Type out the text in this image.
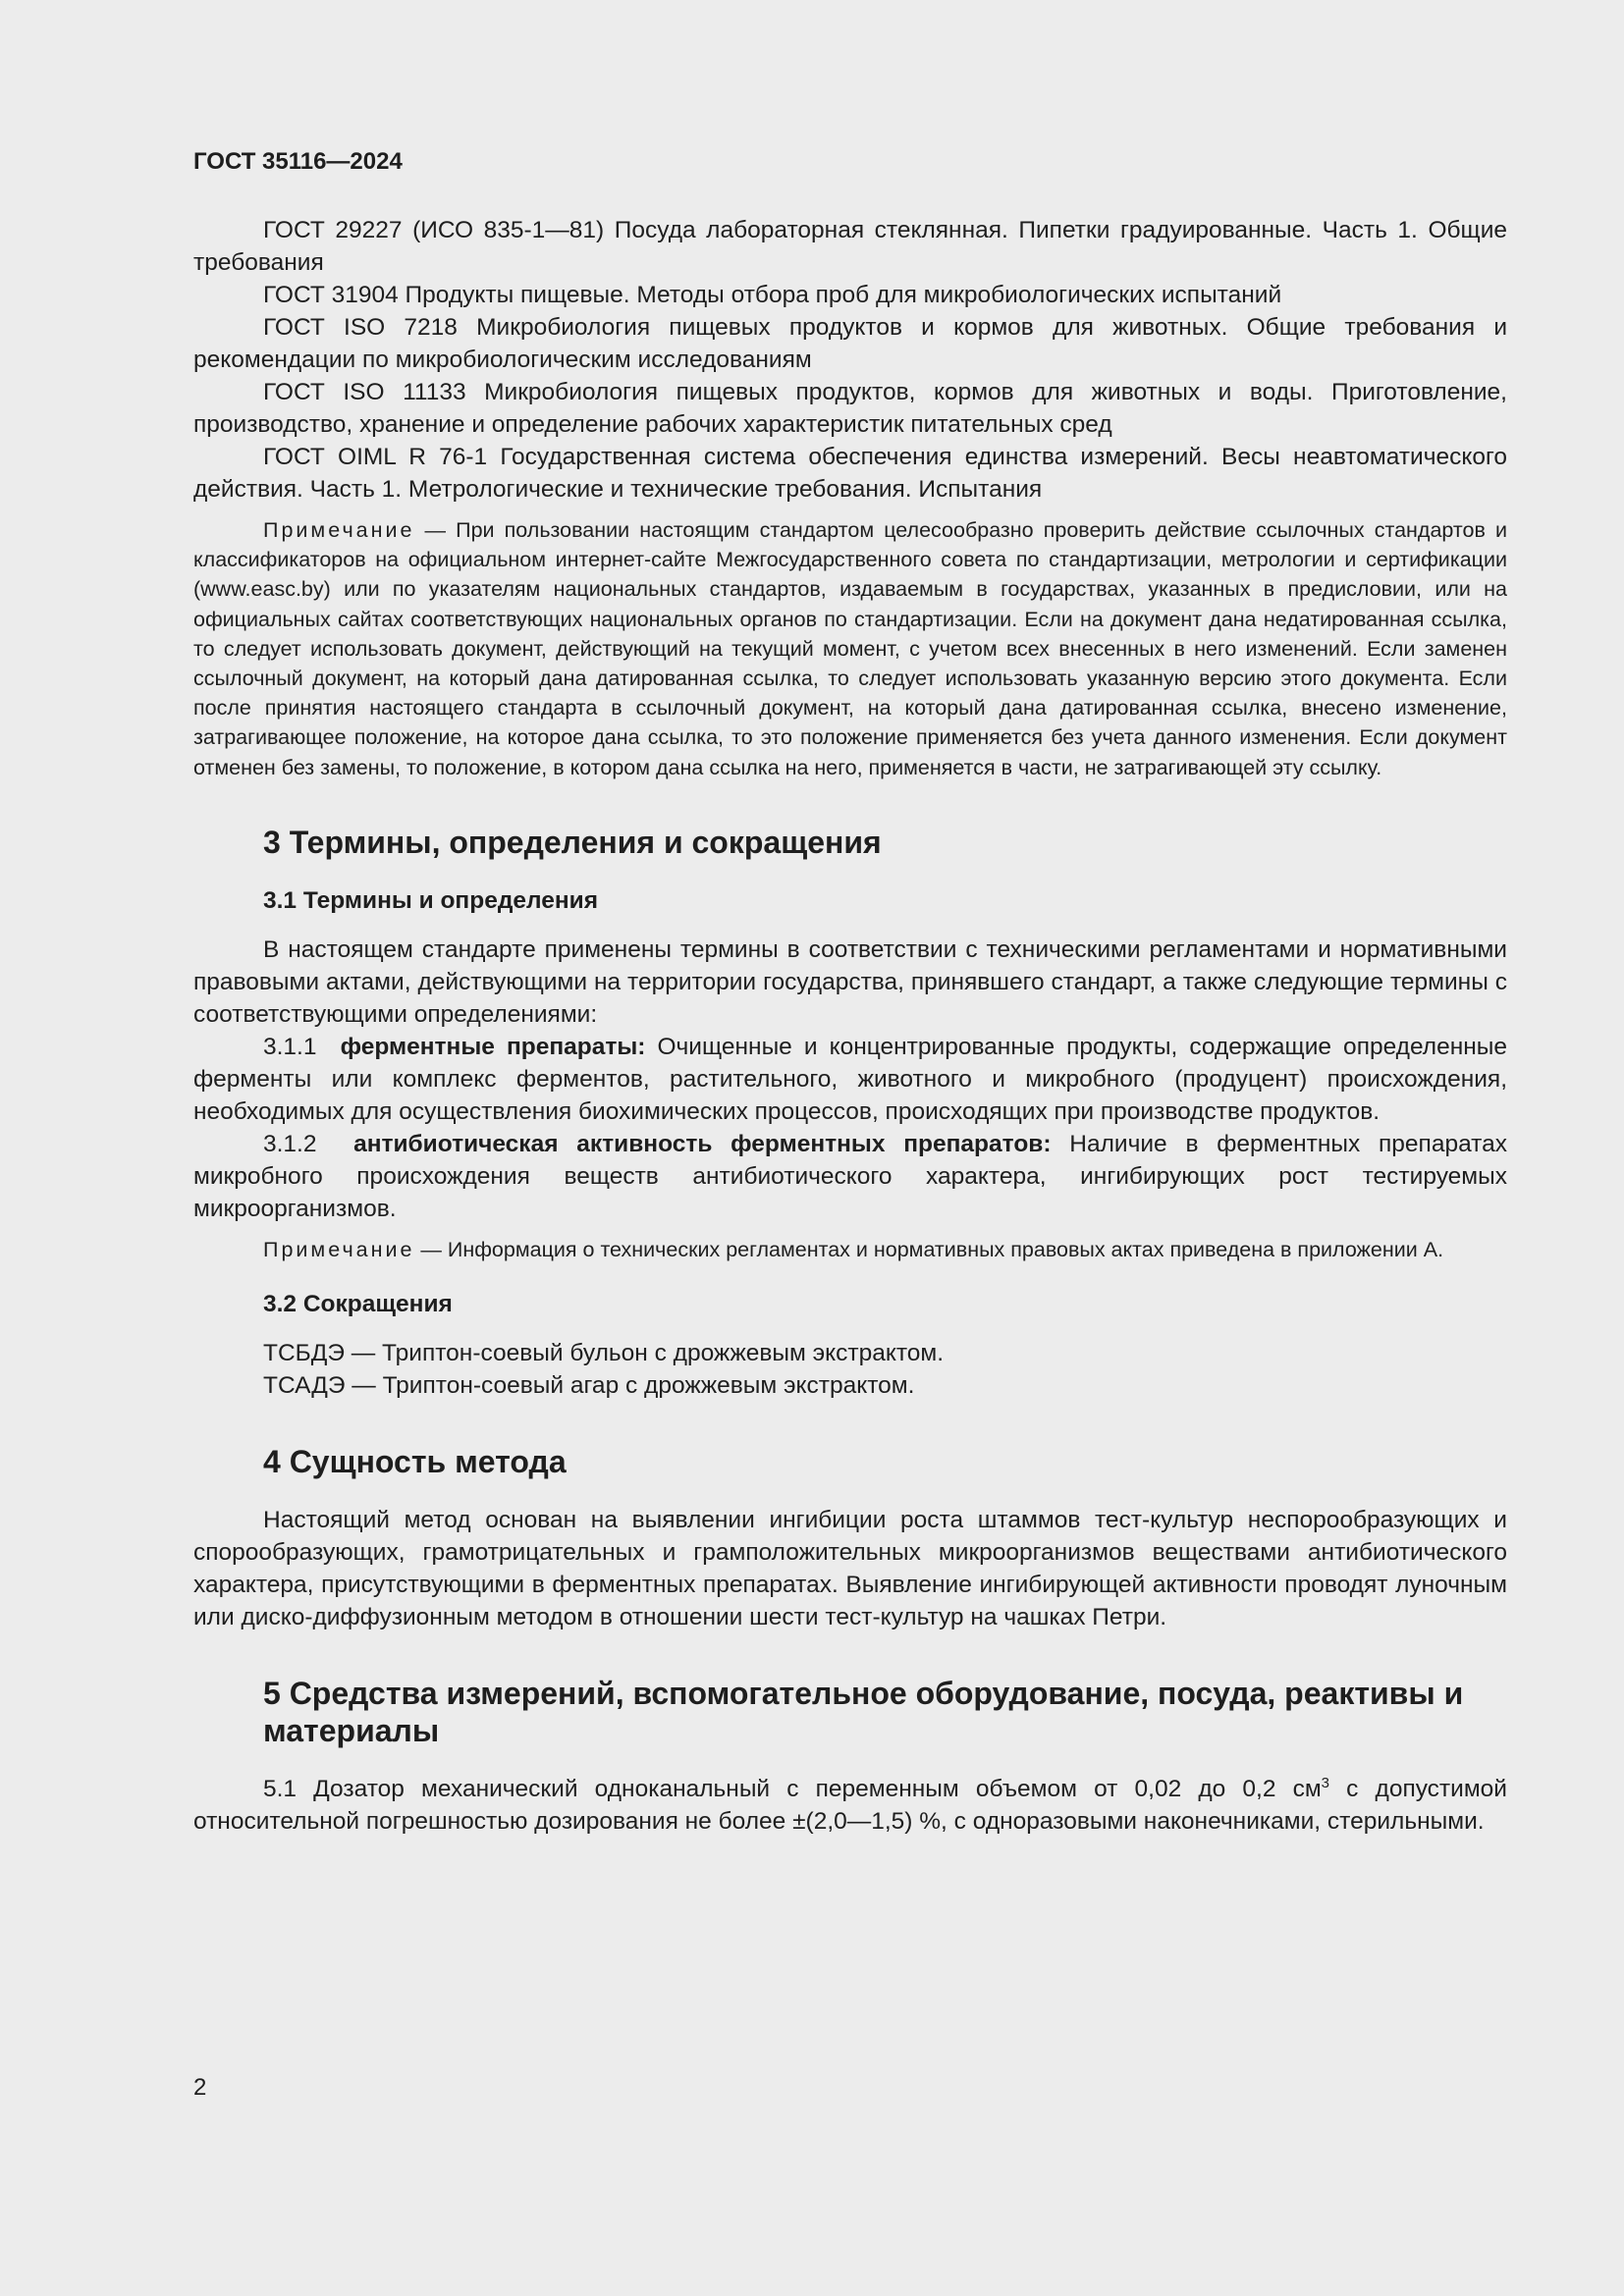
ГОСТ 35116—2024

ГОСТ 29227 (ИСО 835-1—81) Посуда лабораторная стеклянная. Пипетки градуированные. Часть 1. Общие требования

ГОСТ 31904 Продукты пищевые. Методы отбора проб для микробиологических испытаний

ГОСТ ISO 7218 Микробиология пищевых продуктов и кормов для животных. Общие требования и рекомендации по микробиологическим исследованиям

ГОСТ ISO 11133 Микробиология пищевых продуктов, кормов для животных и воды. Приготовление, производство, хранение и определение рабочих характеристик питательных сред

ГОСТ OIML R 76-1 Государственная система обеспечения единства измерений. Весы неавтоматического действия. Часть 1. Метрологические и технические требования. Испытания

Примечание — При пользовании настоящим стандартом целесообразно проверить действие ссылочных стандартов и классификаторов на официальном интернет-сайте Межгосударственного совета по стандартизации, метрологии и сертификации (www.easc.by) или по указателям национальных стандартов, издаваемым в государствах, указанных в предисловии, или на официальных сайтах соответствующих национальных органов по стандартизации. Если на документ дана недатированная ссылка, то следует использовать документ, действующий на текущий момент, с учетом всех внесенных в него изменений. Если заменен ссылочный документ, на который дана датированная ссылка, то следует использовать указанную версию этого документа. Если после принятия настоящего стандарта в ссылочный документ, на который дана датированная ссылка, внесено изменение, затрагивающее положение, на которое дана ссылка, то это положение применяется без учета данного изменения. Если документ отменен без замены, то положение, в котором дана ссылка на него, применяется в части, не затрагивающей эту ссылку.

3 Термины, определения и сокращения
3.1 Термины и определения

В настоящем стандарте применены термины в соответствии с техническими регламентами и нормативными правовыми актами, действующими на территории государства, принявшего стандарт, а также следующие термины с соответствующими определениями:

3.1.1 ферментные препараты: Очищенные и концентрированные продукты, содержащие определенные ферменты или комплекс ферментов, растительного, животного и микробного (продуцент) происхождения, необходимых для осуществления биохимических процессов, происходящих при производстве продуктов.

3.1.2 антибиотическая активность ферментных препаратов: Наличие в ферментных препаратах микробного происхождения веществ антибиотического характера, ингибирующих рост тестируемых микроорганизмов.

Примечание — Информация о технических регламентах и нормативных правовых актах приведена в приложении А.

3.2 Сокращения

ТСБДЭ — Триптон-соевый бульон с дрожжевым экстрактом.

ТСАДЭ — Триптон-соевый агар с дрожжевым экстрактом.

4 Сущность метода

Настоящий метод основан на выявлении ингибиции роста штаммов тест-культур неспорообразующих и спорообразующих, грамотрицательных и грамположительных микроорганизмов веществами антибиотического характера, присутствующими в ферментных препаратах. Выявление ингибирующей активности проводят луночным или диско-диффузионным методом в отношении шести тест-культур на чашках Петри.

5 Средства измерений, вспомогательное оборудование, посуда, реактивы и материалы

5.1 Дозатор механический одноканальный с переменным объемом от 0,02 до 0,2 $см^3$ с допустимой относительной погрешностью дозирования не более ±(2,0—1,5) %, с одноразовыми наконечниками, стерильными.

2
